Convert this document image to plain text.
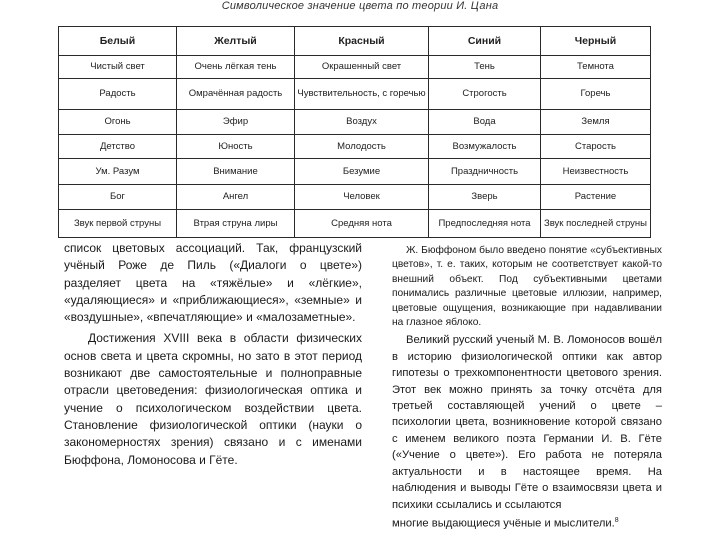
Символическое значение цвета по теории И. Цана
Белый	Желтый	Красный	Синий	Черный
Чистый свет	Очень лёгкая тень	Окрашенный свет	Тень	Темнота
Радость	Омрачённая радость	Чувствительность, с горечью	Строгость	Горечь
Огонь	Эфир	Воздух	Вода	Земля
Детство	Юность	Молодость	Возмужалость	Старость
Ум. Разум	Внимание	Безумие	Праздничность	Неизвестность
Бог	Ангел	Человек	Зверь	Растение
Звук первой струны	Втрая струна лиры	Средняя нота	Предпоследняя нота	Звук последней струны

список цветовых ассоциаций. Так, французский учёный Роже де Пиль («Диалоги о цвете») разделяет цвета на «тяжёлые» и «лёгкие», «удаляющиеся» и «приближающиеся», «земные» и «воздушные», «впечатляющие» и «малозаметные».

Достижения XVIII века в области физических основ света и цвета скромны, но зато в этот период возникают две самостоятельные и полноправные отрасли цветоведения: физиологическая оптика и учение о психологическом воздействии цвета. Становление физиологической оптики (науки о закономерностях зрения) связано и с именами Бюффона, Ломоносова и Гёте.

Ж. Бюффоном было введено понятие «субъективных цветов», т. е. таких, которым не соответствует какой-то внешний объект. Под субъективными цветами понимались различные цветовые иллюзии, например, цветовые ощущения, возникающие при надавливании на глазное яблоко.

Великий русский ученый М. В. Ломоносов вошёл в историю физиологической оптики как автор гипотезы о трехкомпонентности цветового зрения. Этот век можно принять за точку отсчёта для третьей составляющей учений о цвете – психологии цвета, возникновение которой связано с именем великого поэта Германии И. В. Гёте («Учение о цвете»). Его работа не потеряла актуальности и в настоящее время. На наблюдения и выводы Гёте о взаимосвязи цвета и психики ссылались и ссылаются

многие выдающиеся учёные и мыслители.$^8$
